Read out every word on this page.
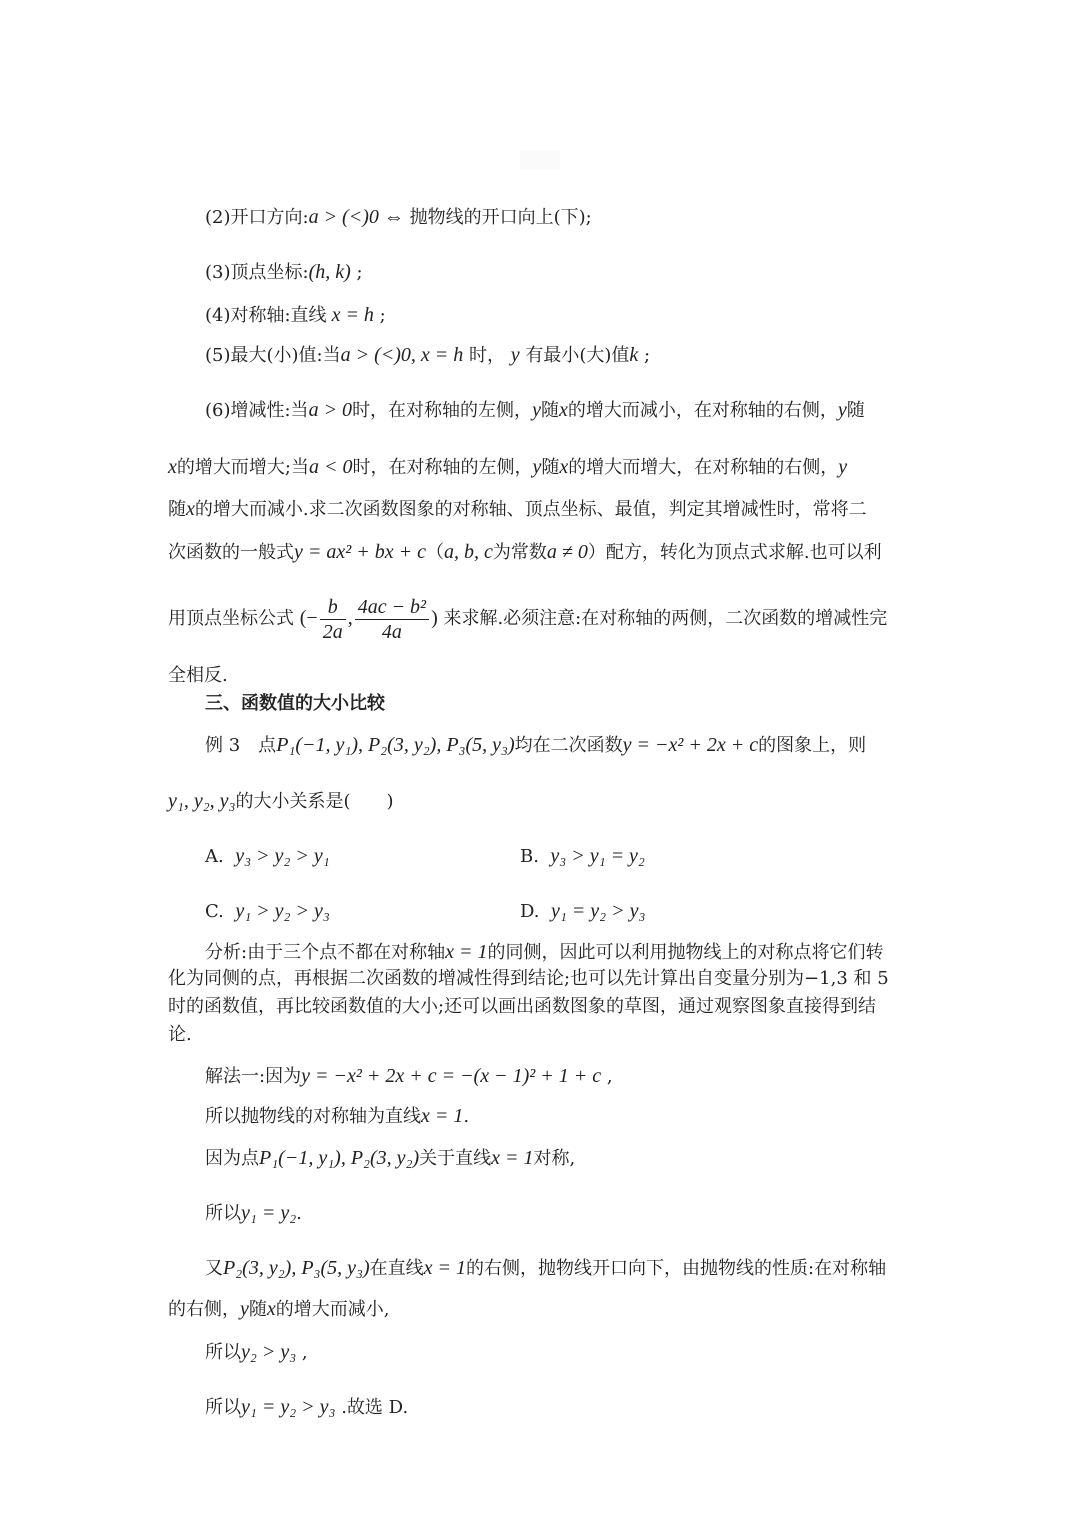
(2)开口方向:a > (<)0 ⇔ 抛物线的开口向上(下);
(3)顶点坐标:(h, k) ;
(4)对称轴:直线 x = h ;
(5)最大(小)值:当a > (<)0, x = h 时， y 有最小(大)值k ;
(6)增减性:当a > 0时，在对称轴的左侧，y随x的增大而减小，在对称轴的右侧，y随
x的增大而增大;当a < 0时，在对称轴的左侧，y随x的增大而增大，在对称轴的右侧，y
随x的增大而减小.求二次函数图象的对称轴、顶点坐标、最值，判定其增减性时，常将二
次函数的一般式y = ax² + bx + c（a, b, c为常数a ≠ 0）配方，转化为顶点式求解.也可以利
用顶点坐标公式 (− $\frac{b}{2a}$ , $\frac{\text{4ac − b²}}{4a}$ ) 来求解.必须注意:在对称轴的两侧，二次函数的增减性完
全相反.
三、函数值的大小比较
例 3　点P₁(−1, y₁), P₂(3, y₂), P₃(5, y₃)均在二次函数y = −x² + 2x + c的图象上，则
y₁, y₂, y₃的大小关系是(　　)
A. y₃ > y₂ > y₁	B. y₃ > y₁ = y₂
C. y₁ > y₂ > y₃	D. y₁ = y₂ > y₃
分析:由于三个点不都在对称轴x = 1的同侧，因此可以利用抛物线上的对称点将它们转
化为同侧的点，再根据二次函数的增减性得到结论;也可以先计算出自变量分别为−1,3 和 5
时的函数值，再比较函数值的大小;还可以画出函数图象的草图，通过观察图象直接得到结
论.
解法一:因为y = −x² + 2x + c = −(x − 1)² + 1 + c ,
所以抛物线的对称轴为直线x = 1.
因为点P₁(−1, y₁), P₂(3, y₂)关于直线x = 1对称,
所以y₁ = y₂.
又P₂(3, y₂), P₃(5, y₃)在直线x = 1的右侧，抛物线开口向下，由抛物线的性质:在对称轴
的右侧，y随x的增大而减小,
所以y₂ > y₃ ,
所以y₁ = y₂ > y₃ .故选 D.
